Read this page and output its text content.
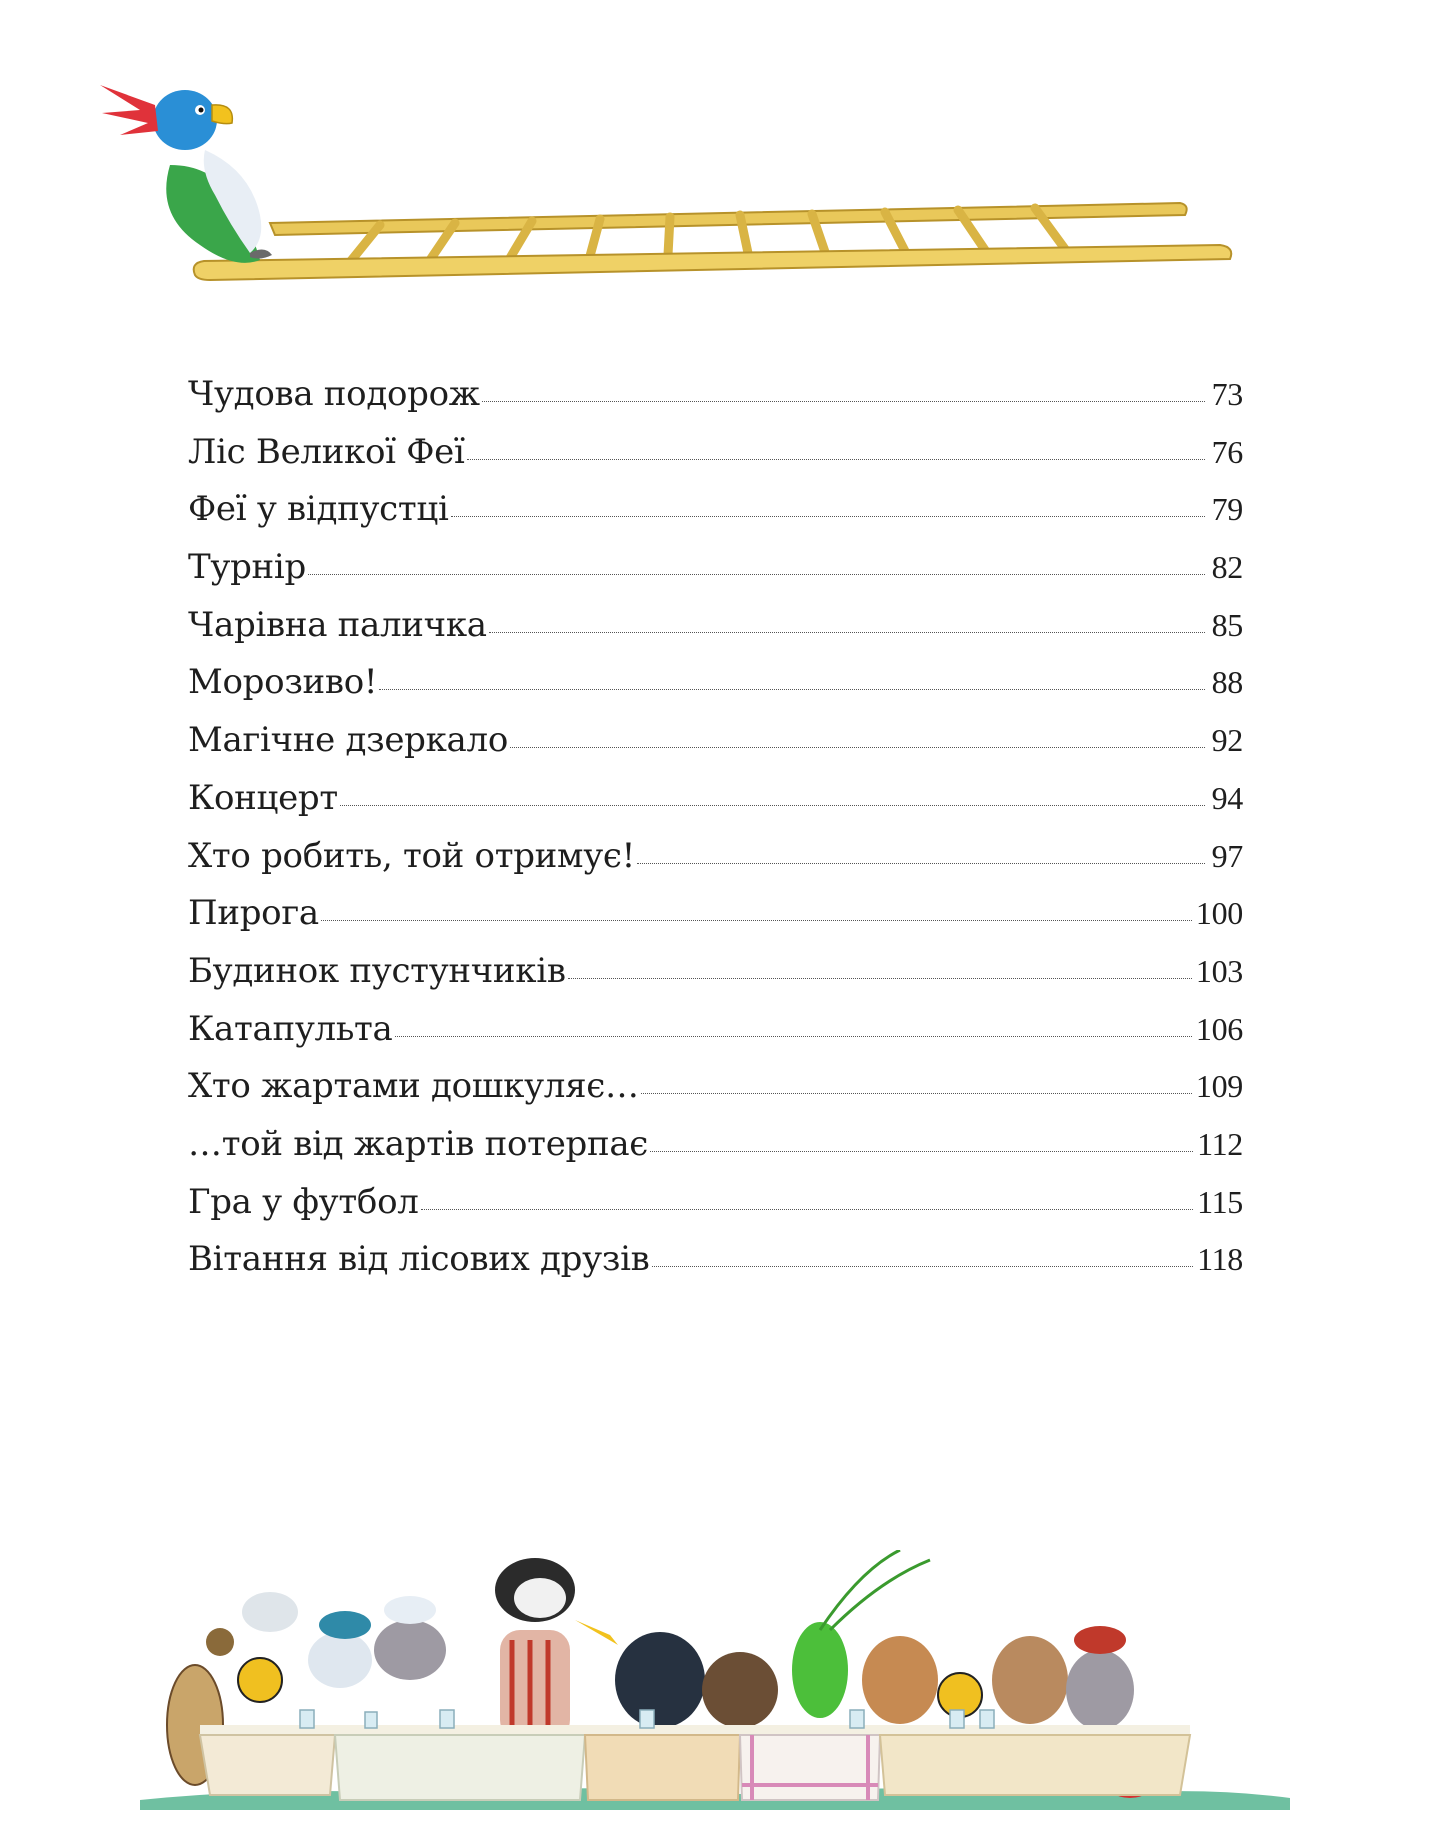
Чудова подорож	73
Ліс Великої Феї	76
Феї у відпустці	79
Турнір	82
Чарівна паличка	85
Морозиво!	88
Магічне дзеркало	92
Концерт	94
Хто робить, той отримує!	97
Пирога	100
Будинок пустунчиків	103
Катапульта	106
Хто жартами дошкуляє…	109
…той від жартів потерпає	112
Гра у футбол	115
Вітання від лісових друзів	118
